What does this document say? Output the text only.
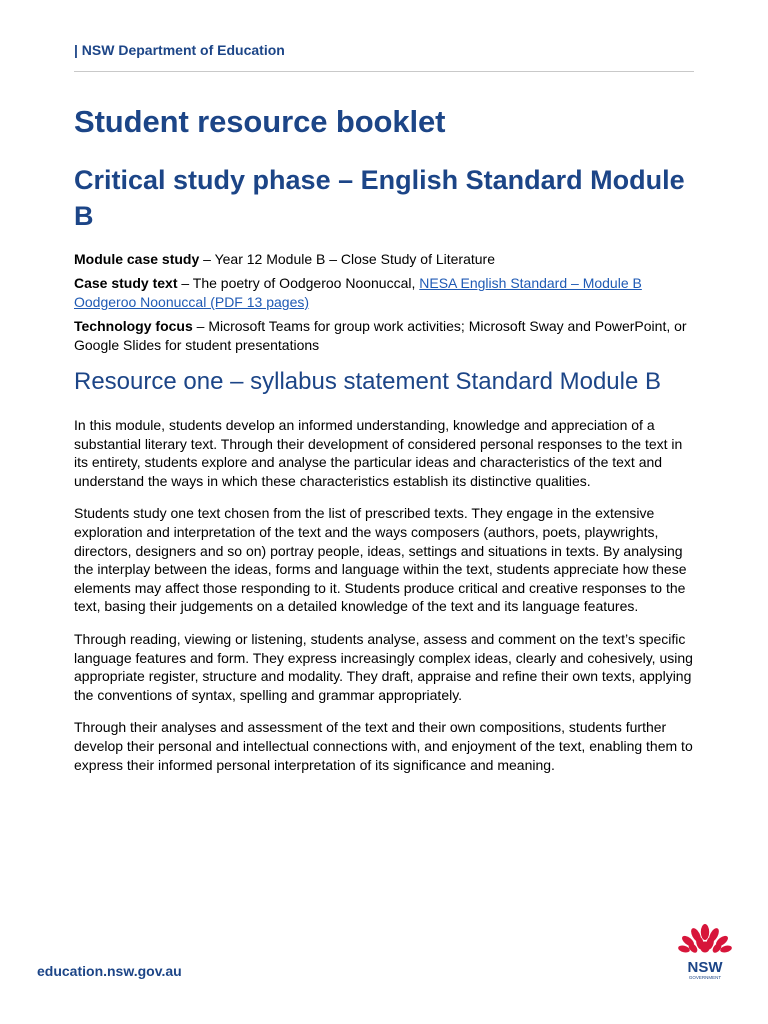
| NSW Department of Education
Student resource booklet
Critical study phase – English Standard Module B

Module case study – Year 12 Module B – Close Study of Literature

Case study text – The poetry of Oodgeroo Noonuccal, NESA English Standard – Module B Oodgeroo Noonuccal (PDF 13 pages)

Technology focus – Microsoft Teams for group work activities; Microsoft Sway and PowerPoint, or Google Slides for student presentations

Resource one – syllabus statement Standard Module B

In this module, students develop an informed understanding, knowledge and appreciation of a substantial literary text. Through their development of considered personal responses to the text in its entirety, students explore and analyse the particular ideas and characteristics of the text and understand the ways in which these characteristics establish its distinctive qualities.

Students study one text chosen from the list of prescribed texts. They engage in the extensive exploration and interpretation of the text and the ways composers (authors, poets, playwrights, directors, designers and so on) portray people, ideas, settings and situations in texts. By analysing the interplay between the ideas, forms and language within the text, students appreciate how these elements may affect those responding to it. Students produce critical and creative responses to the text, basing their judgements on a detailed knowledge of the text and its language features.

Through reading, viewing or listening, students analyse, assess and comment on the text’s specific language features and form. They express increasingly complex ideas, clearly and cohesively, using appropriate register, structure and modality. They draft, appraise and refine their own texts, applying the conventions of syntax, spelling and grammar appropriately.

Through their analyses and assessment of the text and their own compositions, students further develop their personal and intellectual connections with, and enjoyment of the text, enabling them to express their informed personal interpretation of its significance and meaning.

education.nsw.gov.au	NSW
GOVERNMENT
